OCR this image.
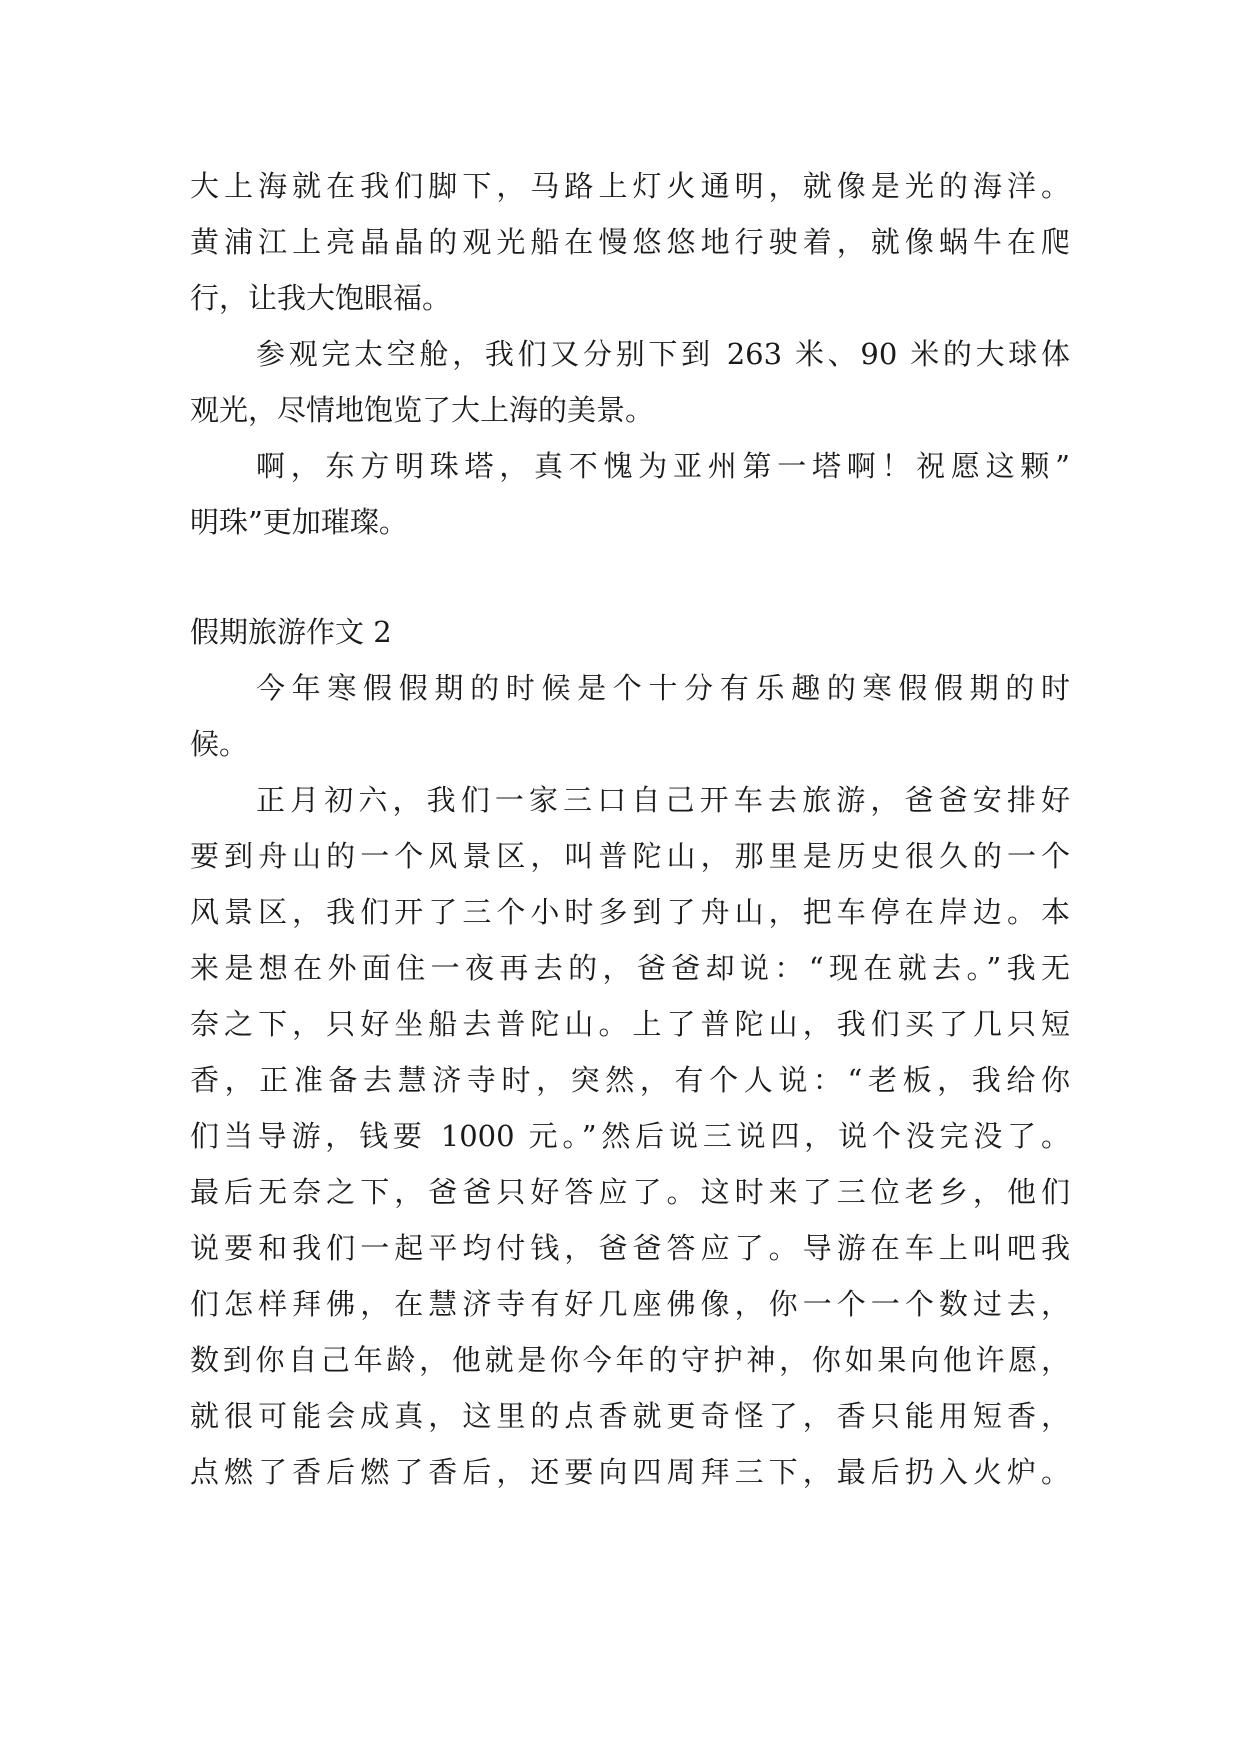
大上海就在我们脚下，马路上灯火通明，就像是光的海洋。
黄浦江上亮晶晶的观光船在慢悠悠地行驶着，就像蜗牛在爬
行，让我大饱眼福。
参观完太空舱，我们又分别下到 263 米、90 米的大球体
观光，尽情地饱览了大上海的美景。
啊，东方明珠塔，真不愧为亚州第一塔啊！祝愿这颗”
明珠”更加璀璨。
假期旅游作文 2
今年寒假假期的时候是个十分有乐趣的寒假假期的时
候。
正月初六，我们一家三口自己开车去旅游，爸爸安排好
要到舟山的一个风景区，叫普陀山，那里是历史很久的一个
风景区，我们开了三个小时多到了舟山，把车停在岸边。本
来是想在外面住一夜再去的，爸爸却说：“现在就去。”我无
奈之下，只好坐船去普陀山。上了普陀山，我们买了几只短
香，正准备去慧济寺时，突然，有个人说：“老板，我给你
们当导游，钱要 1000 元。”然后说三说四，说个没完没了。
最后无奈之下，爸爸只好答应了。这时来了三位老乡，他们
说要和我们一起平均付钱，爸爸答应了。导游在车上叫吧我
们怎样拜佛，在慧济寺有好几座佛像，你一个一个数过去，
数到你自己年龄，他就是你今年的守护神，你如果向他许愿，
就很可能会成真，这里的点香就更奇怪了，香只能用短香，
点燃了香后燃了香后，还要向四周拜三下，最后扔入火炉。
